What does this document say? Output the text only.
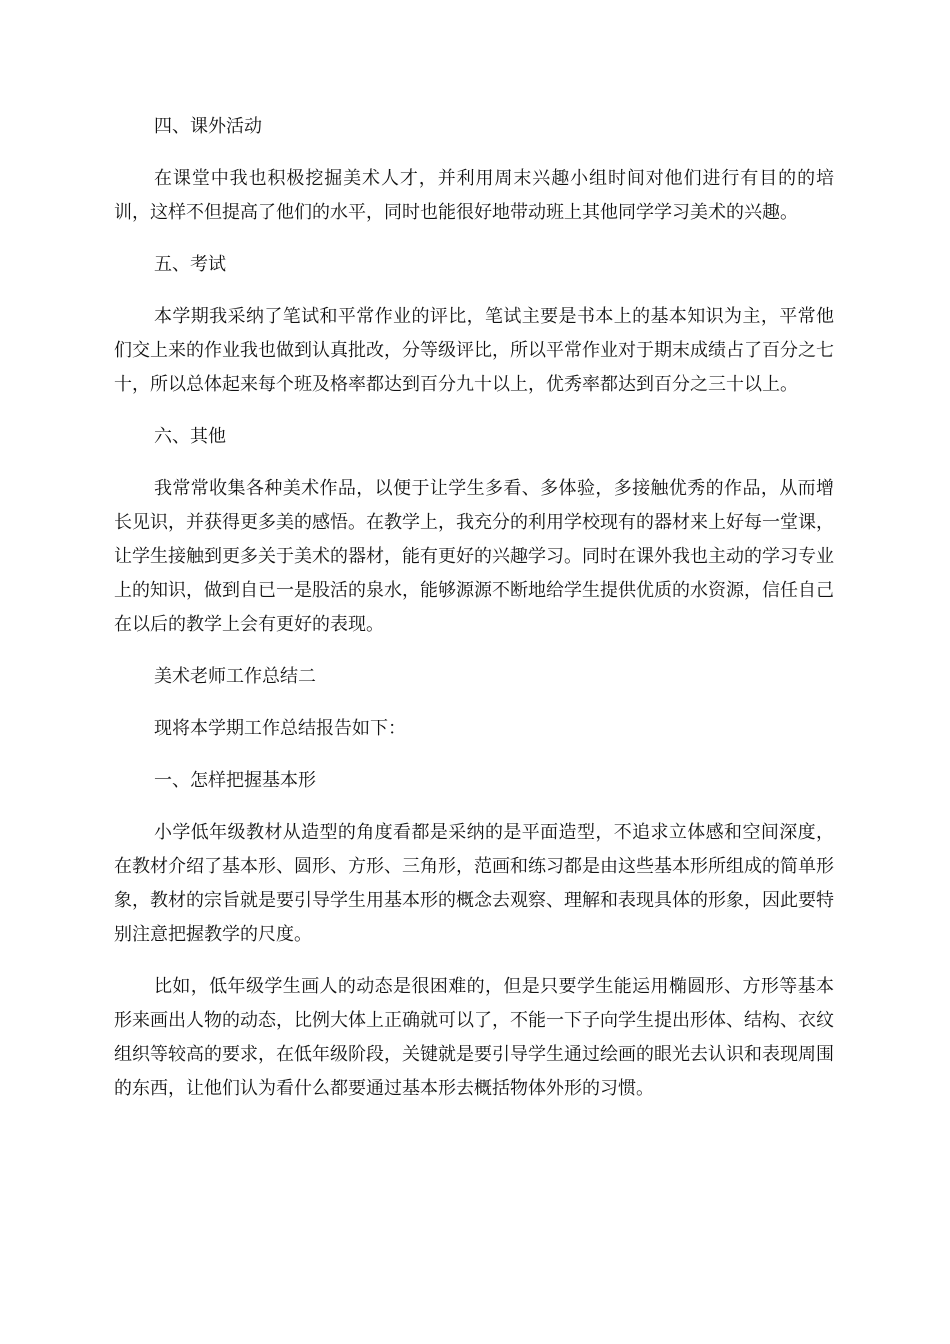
四、课外活动

在课堂中我也积极挖掘美术人才，并利用周末兴趣小组时间对他们进行有目的的培训，这样不但提高了他们的水平，同时也能很好地带动班上其他同学学习美术的兴趣。

五、考试

本学期我采纳了笔试和平常作业的评比，笔试主要是书本上的基本知识为主，平常他们交上来的作业我也做到认真批改，分等级评比，所以平常作业对于期末成绩占了百分之七十，所以总体起来每个班及格率都达到百分九十以上，优秀率都达到百分之三十以上。

六、其他

我常常收集各种美术作品，以便于让学生多看、多体验，多接触优秀的作品，从而增长见识，并获得更多美的感悟。在教学上，我充分的利用学校现有的器材来上好每一堂课，让学生接触到更多关于美术的器材，能有更好的兴趣学习。同时在课外我也主动的学习专业上的知识，做到自已一是股活的泉水，能够源源不断地给学生提供优质的水资源，信任自己在以后的教学上会有更好的表现。

美术老师工作总结二

现将本学期工作总结报告如下：

一、怎样把握基本形

小学低年级教材从造型的角度看都是采纳的是平面造型，不追求立体感和空间深度，在教材介绍了基本形、圆形、方形、三角形，范画和练习都是由这些基本形所组成的简单形象，教材的宗旨就是要引导学生用基本形的概念去观察、理解和表现具体的形象，因此要特别注意把握教学的尺度。

比如，低年级学生画人的动态是很困难的，但是只要学生能运用椭圆形、方形等基本形来画出人物的动态，比例大体上正确就可以了，不能一下子向学生提出形体、结构、衣纹组织等较高的要求，在低年级阶段，关键就是要引导学生通过绘画的眼光去认识和表现周围的东西，让他们认为看什么都要通过基本形去概括物体外形的习惯。
